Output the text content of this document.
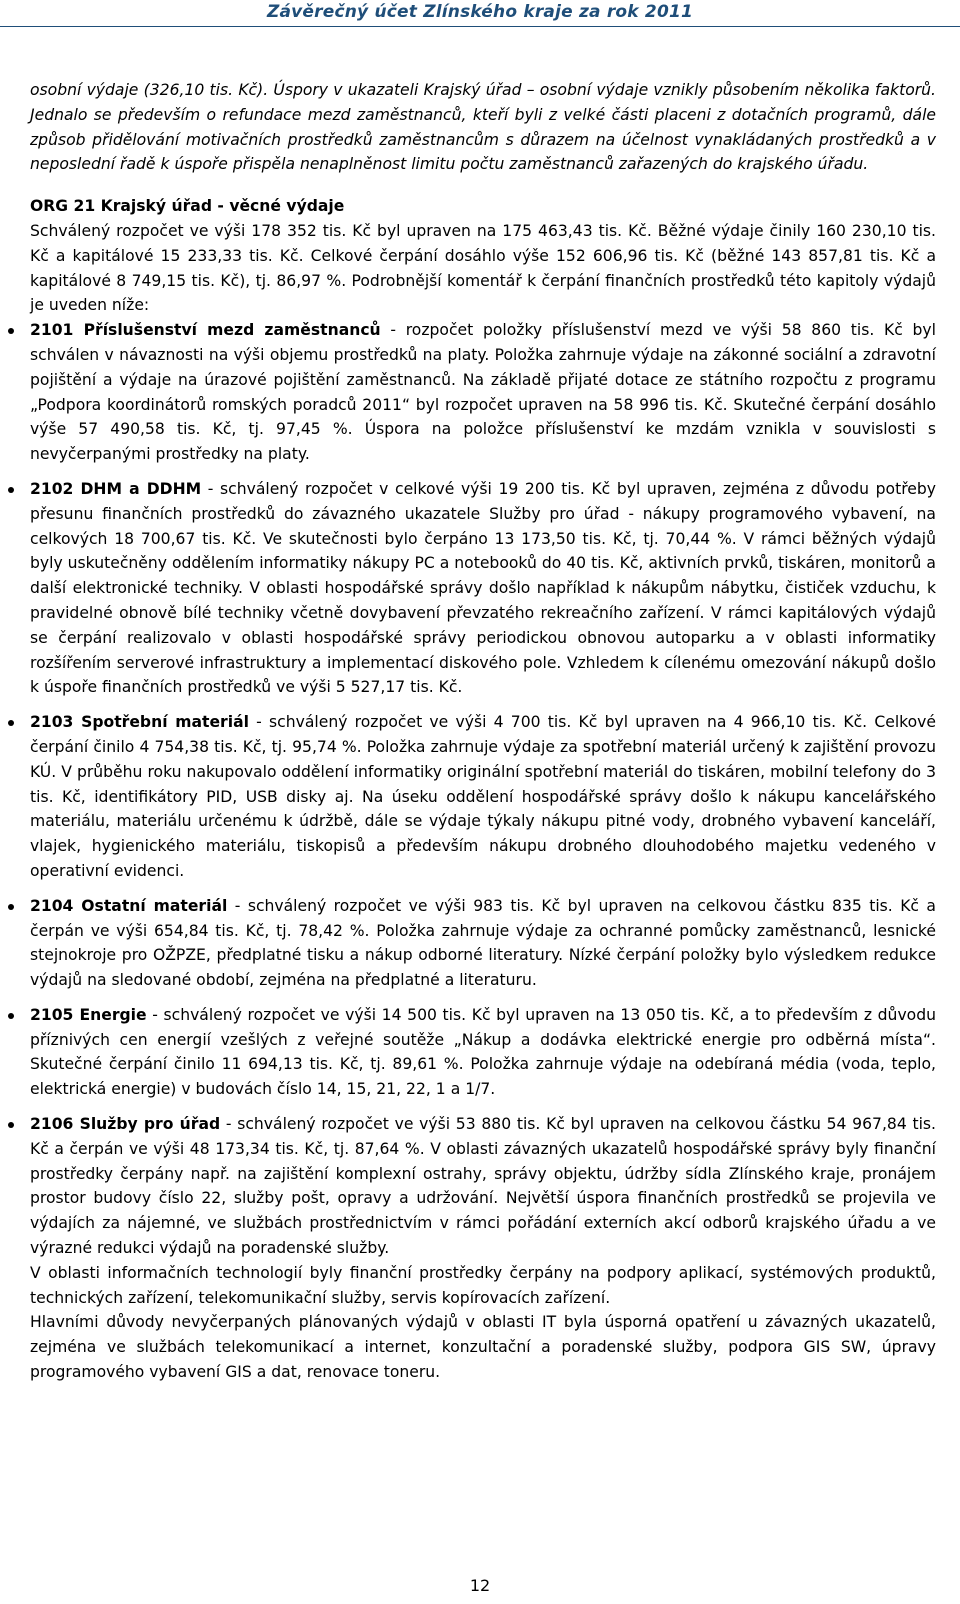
Závěrečný účet Zlínského kraje za rok 2011

osobní výdaje (326,10 tis. Kč). Úspory v ukazateli Krajský úřad – osobní výdaje vznikly působením několika faktorů. Jednalo se především o refundace mezd zaměstnanců, kteří byli z velké části placeni z dotačních programů, dále způsob přidělování motivačních prostředků zaměstnancům s důrazem na účelnost vynakládaných prostředků a v neposlední řadě k úspoře přispěla nenaplněnost limitu počtu zaměstnanců zařazených do krajského úřadu.

ORG 21 Krajský úřad - věcné výdaje

Schválený rozpočet ve výši 178 352 tis. Kč byl upraven na 175 463,43 tis. Kč. Běžné výdaje činily 160 230,10 tis. Kč a kapitálové 15 233,33 tis. Kč. Celkové čerpání dosáhlo výše 152 606,96 tis. Kč (běžné 143 857,81 tis. Kč a kapitálové 8 749,15 tis. Kč), tj. 86,97 %. Podrobnější komentář k čerpání finančních prostředků této kapitoly výdajů je uveden níže:

2101 Příslušenství mezd zaměstnanců - rozpočet položky příslušenství mezd ve výši 58 860 tis. Kč byl schválen v návaznosti na výši objemu prostředků na platy. Položka zahrnuje výdaje na zákonné sociální a zdravotní pojištění a výdaje na úrazové pojištění zaměstnanců. Na základě přijaté dotace ze státního rozpočtu z programu „Podpora koordinátorů romských poradců 2011“ byl rozpočet upraven na 58 996 tis. Kč. Skutečné čerpání dosáhlo výše 57 490,58 tis. Kč, tj. 97,45 %. Úspora na položce příslušenství ke mzdám vznikla v souvislosti s nevyčerpanými prostředky na platy.
2102 DHM a DDHM - schválený rozpočet v celkové výši 19 200 tis. Kč byl upraven, zejména z důvodu potřeby přesunu finančních prostředků do závazného ukazatele Služby pro úřad - nákupy programového vybavení, na celkových 18 700,67 tis. Kč. Ve skutečnosti bylo čerpáno 13 173,50 tis. Kč, tj. 70,44 %. V rámci běžných výdajů byly uskutečněny oddělením informatiky nákupy PC a notebooků do 40 tis. Kč, aktivních prvků, tiskáren, monitorů a další elektronické techniky. V oblasti hospodářské správy došlo například k nákupům nábytku, čističek vzduchu, k pravidelné obnově bílé techniky včetně dovybavení převzatého rekreačního zařízení. V rámci kapitálových výdajů se čerpání realizovalo v oblasti hospodářské správy periodickou obnovou autoparku a v oblasti informatiky rozšířením serverové infrastruktury a implementací diskového pole. Vzhledem k cílenému omezování nákupů došlo k úspoře finančních prostředků ve výši 5 527,17 tis. Kč.
2103 Spotřební materiál - schválený rozpočet ve výši 4 700 tis. Kč byl upraven na 4 966,10 tis. Kč. Celkové čerpání činilo 4 754,38 tis. Kč, tj. 95,74 %. Položka zahrnuje výdaje za spotřební materiál určený k zajištění provozu KÚ. V průběhu roku nakupovalo oddělení informatiky originální spotřební materiál do tiskáren, mobilní telefony do 3 tis. Kč, identifikátory PID, USB disky aj. Na úseku oddělení hospodářské správy došlo k nákupu kancelářského materiálu, materiálu určenému k údržbě, dále se výdaje týkaly nákupu pitné vody, drobného vybavení kanceláří, vlajek, hygienického materiálu, tiskopisů a především nákupu drobného dlouhodobého majetku vedeného v operativní evidenci.
2104 Ostatní materiál - schválený rozpočet ve výši 983 tis. Kč byl upraven na celkovou částku 835 tis. Kč a čerpán ve výši 654,84 tis. Kč, tj. 78,42 %. Položka zahrnuje výdaje za ochranné pomůcky zaměstnanců, lesnické stejnokroje pro OŽPZE, předplatné tisku a nákup odborné literatury. Nízké čerpání položky bylo výsledkem redukce výdajů na sledované období, zejména na předplatné a literaturu.
2105 Energie - schválený rozpočet ve výši 14 500 tis. Kč byl upraven na 13 050 tis. Kč, a to především z důvodu příznivých cen energií vzešlých z veřejné soutěže „Nákup a dodávka elektrické energie pro odběrná místa“. Skutečné čerpání činilo 11 694,13 tis. Kč, tj. 89,61 %. Položka zahrnuje výdaje na odebíraná média (voda, teplo, elektrická energie) v budovách číslo 14, 15, 21, 22, 1 a 1/7.
2106 Služby pro úřad - schválený rozpočet ve výši 53 880 tis. Kč byl upraven na celkovou částku 54 967,84 tis. Kč a čerpán ve výši 48 173,34 tis. Kč, tj. 87,64 %. V oblasti závazných ukazatelů hospodářské správy byly finanční prostředky čerpány např. na zajištění komplexní ostrahy, správy objektu, údržby sídla Zlínského kraje, pronájem prostor budovy číslo 22, služby pošt, opravy a udržování. Největší úspora finančních prostředků se projevila ve výdajích za nájemné, ve službách prostřednictvím v rámci pořádání externích akcí odborů krajského úřadu a ve výrazné redukci výdajů na poradenské služby.
V oblasti informačních technologií byly finanční prostředky čerpány na podpory aplikací, systémových produktů, technických zařízení, telekomunikační služby, servis kopírovacích zařízení.
Hlavními důvody nevyčerpaných plánovaných výdajů v oblasti IT byla úsporná opatření u závazných ukazatelů, zejména ve službách telekomunikací a internet, konzultační a poradenské služby, podpora GIS SW, úpravy programového vybavení GIS a dat, renovace toneru.
12
